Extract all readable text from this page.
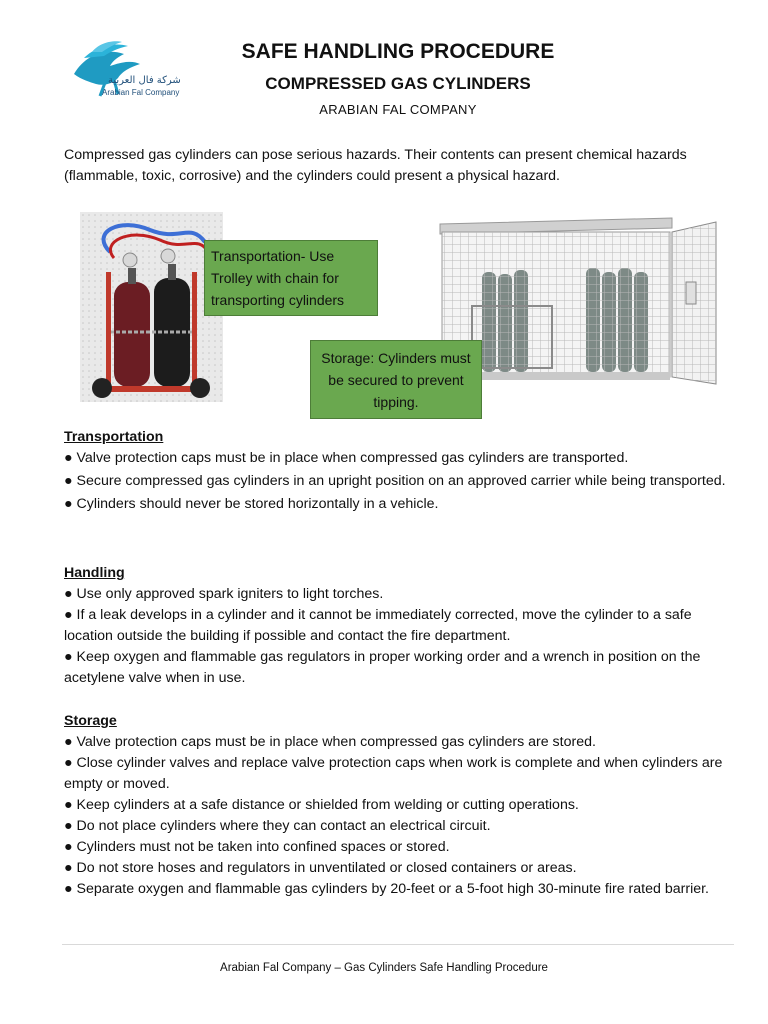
شركة فال العربية
Arabian Fal Company
SAFE HANDLING PROCEDURE
COMPRESSED GAS CYLINDERS
ARABIAN FAL COMPANY
Compressed gas cylinders can pose serious hazards. Their contents can present chemical hazards (flammable, toxic, corrosive) and the cylinders could present a physical hazard.
Transportation- Use Trolley with chain for transporting cylinders
Storage: Cylinders must be secured to prevent tipping.
Transportation

● Valve protection caps must be in place when compressed gas cylinders are transported.

● Secure compressed gas cylinders in an upright position on an approved carrier while being transported.

● Cylinders should never be stored horizontally in a vehicle.

Handling

● Use only approved spark igniters to light torches.

● If a leak develops in a cylinder and it cannot be immediately corrected, move the cylinder to a safe location outside the building if possible and contact the fire department.

● Keep oxygen and flammable gas regulators in proper working order and a wrench in position on the acetylene valve when in use.

Storage

● Valve protection caps must be in place when compressed gas cylinders are stored.

● Close cylinder valves and replace valve protection caps when work is complete and when cylinders are empty or moved.

● Keep cylinders at a safe distance or shielded from welding or cutting operations.

● Do not place cylinders where they can contact an electrical circuit.

● Cylinders must not be taken into confined spaces or stored.

● Do not store hoses and regulators in unventilated or closed containers or areas.

● Separate oxygen and flammable gas cylinders by 20-feet or a 5-foot high 30-minute fire rated barrier.

Arabian Fal Company – Gas Cylinders Safe Handling Procedure
